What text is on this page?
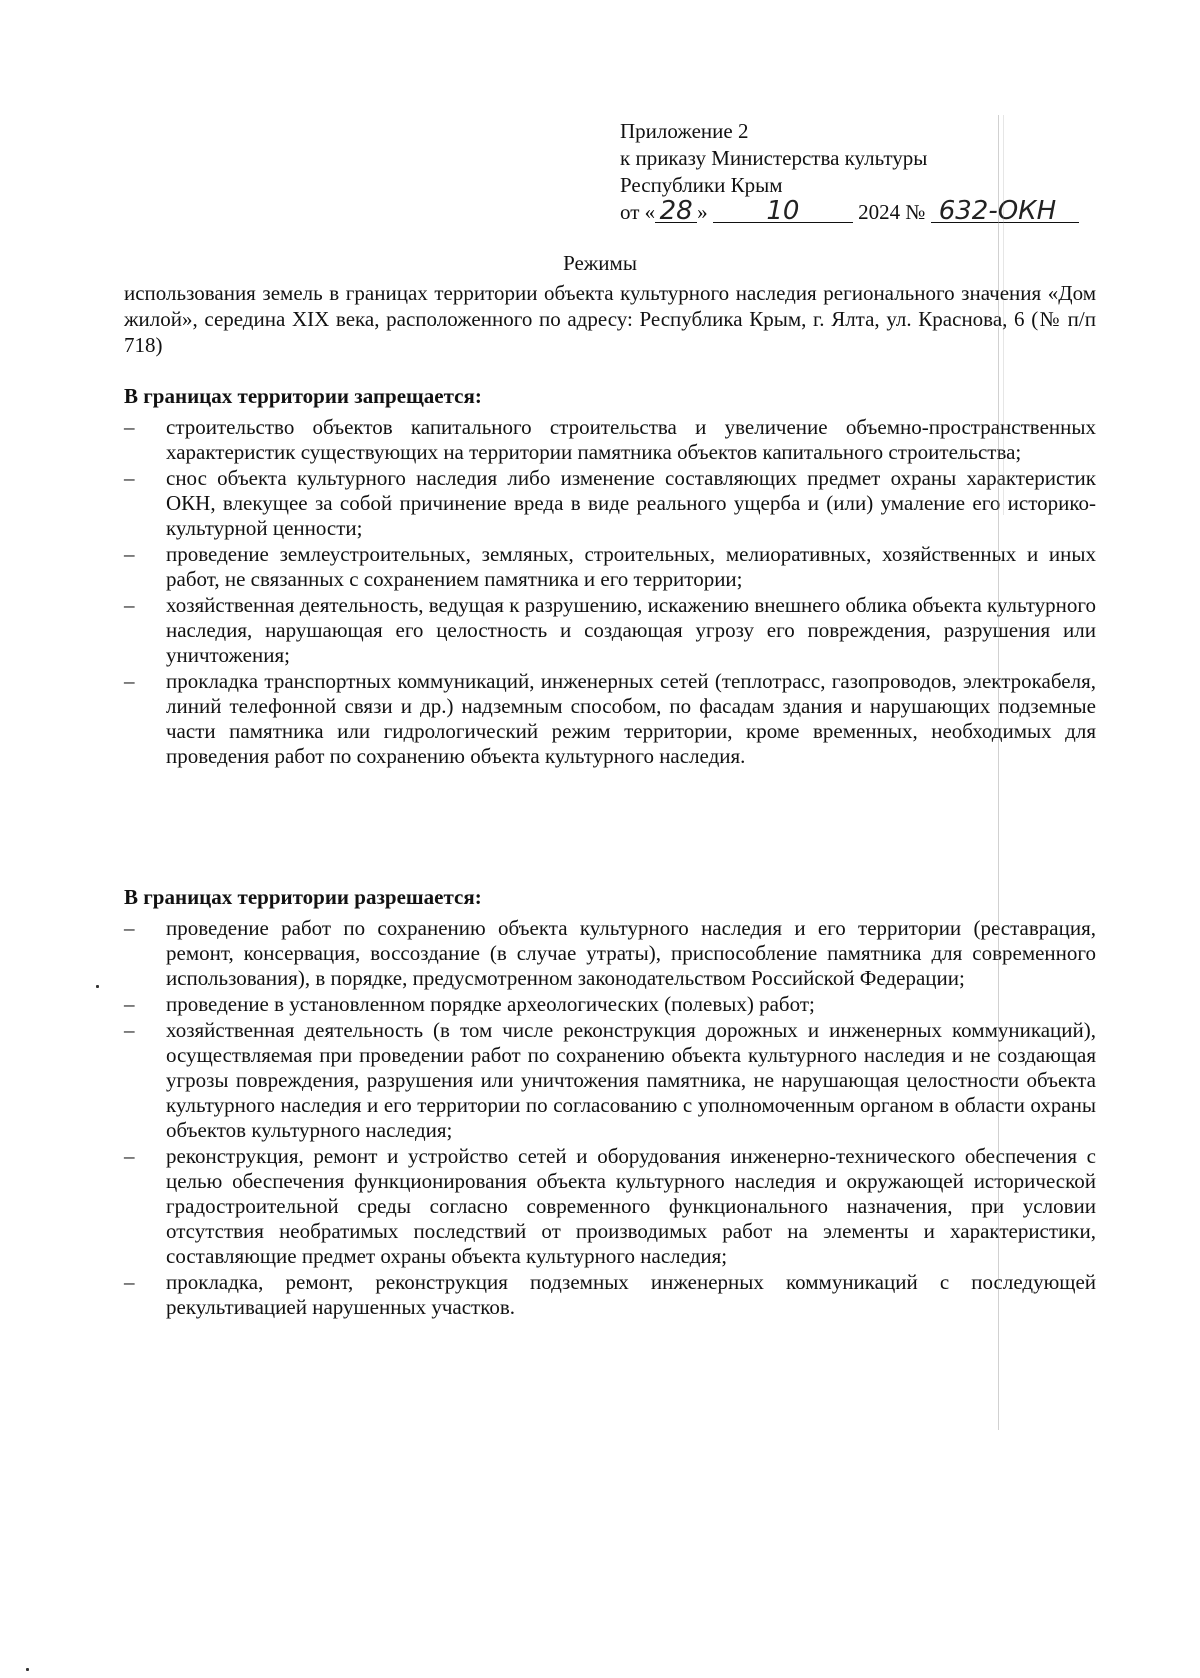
Приложение 2
к приказу Министерства культуры
Республики Крым
от « 28 » 10	2024 № 632-ОКН
Режимы
использования земель в границах территории объекта культурного наследия регионального значения «Дом жилой», середина XIX века, расположенного по адресу: Республика Крым, г. Ялта, ул. Краснова, 6 (№ п/п 718)
В границах территории запрещается:
– строительство объектов капитального строительства и увеличение объемно-пространственных характеристик существующих на территории памятника объектов капитального строительства;
– снос объекта культурного наследия либо изменение составляющих предмет охраны характеристик ОКН, влекущее за собой причинение вреда в виде реального ущерба и (или) умаление его историко-культурной ценности;
– проведение землеустроительных, земляных, строительных, мелиоративных, хозяйственных и иных работ, не связанных с сохранением памятника и его территории;
– хозяйственная деятельность, ведущая к разрушению, искажению внешнего облика объекта культурного наследия, нарушающая его целостность и создающая угрозу его повреждения, разрушения или уничтожения;
– прокладка транспортных коммуникаций, инженерных сетей (теплотрасс, газопроводов, электрокабеля, линий телефонной связи и др.) надземным способом, по фасадам здания и нарушающих подземные части памятника или гидрологический режим территории, кроме временных, необходимых для проведения работ по сохранению объекта культурного наследия.
В границах территории разрешается:
– проведение работ по сохранению объекта культурного наследия и его территории (реставрация, ремонт, консервация, воссоздание (в случае утраты), приспособление памятника для современного использования), в порядке, предусмотренном законодательством Российской Федерации;
– проведение в установленном порядке археологических (полевых) работ;
– хозяйственная деятельность (в том числе реконструкция дорожных и инженерных коммуникаций), осуществляемая при проведении работ по сохранению объекта культурного наследия и не создающая угрозы повреждения, разрушения или уничтожения памятника, не нарушающая целостности объекта культурного наследия и его территории по согласованию с уполномоченным органом в области охраны объектов культурного наследия;
– реконструкция, ремонт и устройство сетей и оборудования инженерно-технического обеспечения с целью обеспечения функционирования объекта культурного наследия и окружающей исторической градостроительной среды согласно современного функционального назначения, при условии отсутствия необратимых последствий от производимых работ на элементы и характеристики, составляющие предмет охраны объекта культурного наследия;
– прокладка, ремонт, реконструкция подземных инженерных коммуникаций с последующей рекультивацией нарушенных участков.
